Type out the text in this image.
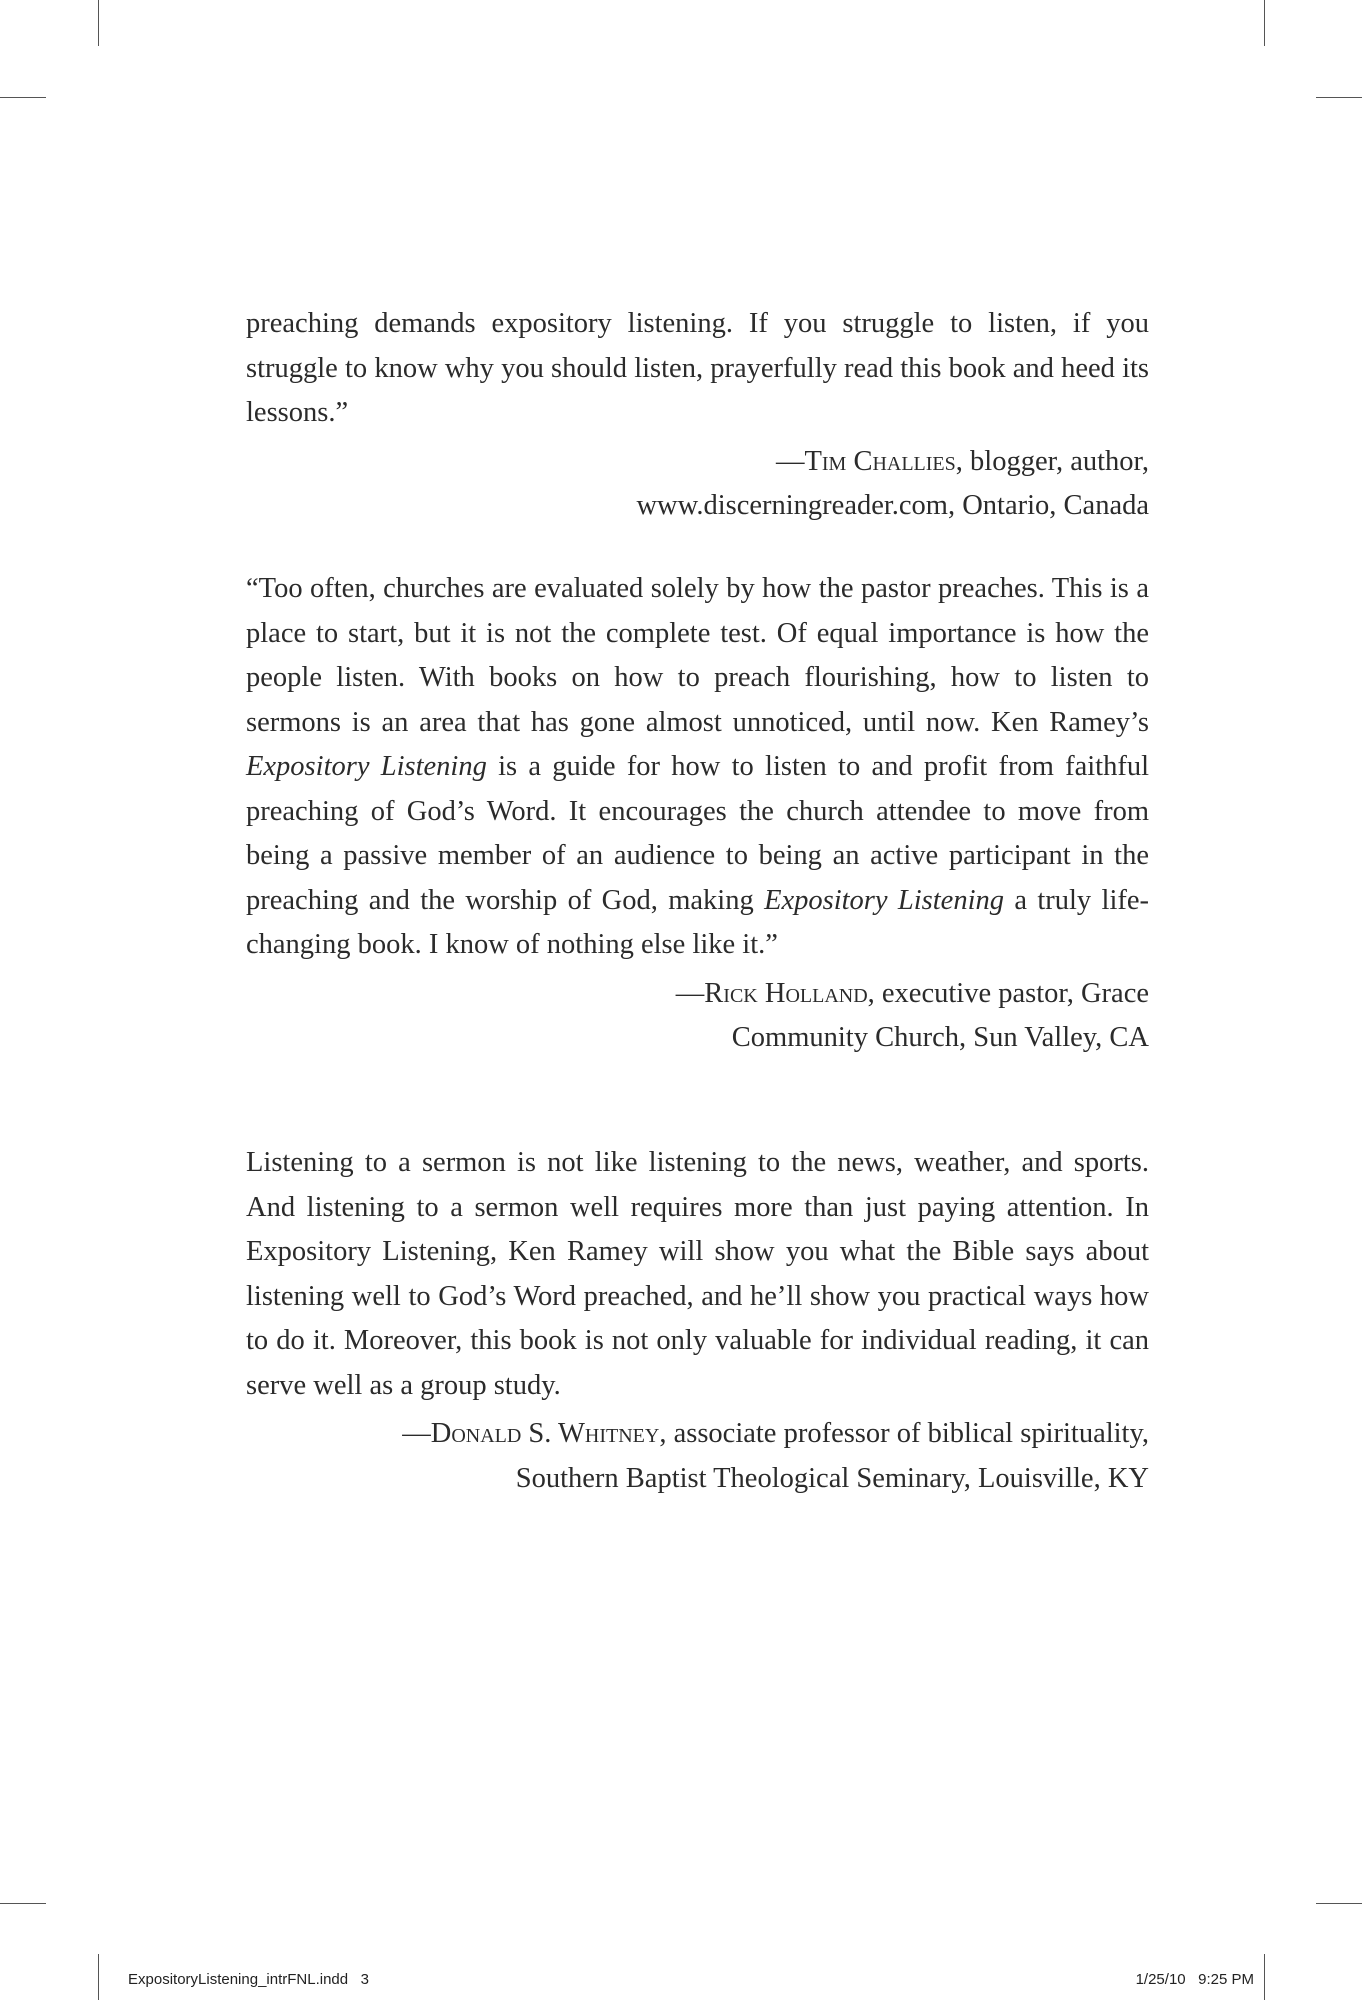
preaching demands expository listening. If you struggle to listen, if you struggle to know why you should listen, prayerfully read this book and heed its lessons.”

—Tim Challies, blogger, author,

www.discerningreader.com, Ontario, Canada

“Too often, churches are evaluated solely by how the pastor preaches. This is a place to start, but it is not the complete test. Of equal importance is how the people listen. With books on how to preach flourishing, how to listen to sermons is an area that has gone almost unnoticed, until now. Ken Ramey’s Expository Listening is a guide for how to listen to and profit from faithful preaching of God’s Word. It encourages the church attendee to move from being a passive member of an audience to being an active participant in the preaching and the worship of God, making Expository Listening a truly life-changing book. I know of nothing else like it.”

—Rick Holland, executive pastor, Grace

Community Church, Sun Valley, CA

Listening to a sermon is not like listening to the news, weather, and sports. And listening to a sermon well requires more than just paying attention. In Expository Listening, Ken Ramey will show you what the Bible says about listening well to God’s Word preached, and he’ll show you practical ways how to do it. Moreover, this book is not only valuable for individual reading, it can serve well as a group study.

—Donald S. Whitney, associate professor of biblical spirituality,

Southern Baptist Theological Seminary, Louisville, KY

ExpositoryListening_intrFNL.indd   3	1/25/10   9:25 PM
